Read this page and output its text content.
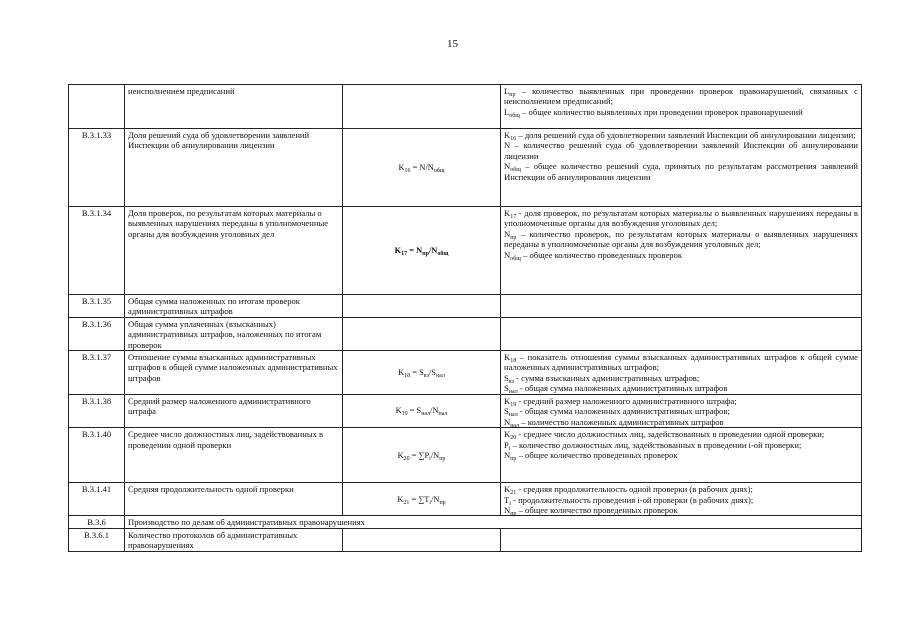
15
	неисполнением предписаний		$L_{пр}$ – количество выявленных при проведении проверок правонарушений, связанных с неисполнением предписаний;
$L_{общ}$ – общее количество выявленных при проведении проверок правонарушений

В.3.1.33	Доля решений суда об удовлетворении заявлений Инспекции об аннулировании лицензии	$K_{16} = N/N_{общ}$	$K_{16}$ – доля решений суда об удовлетворении заявлений Инспекции об аннулировании лицензии;
N – количество решений суда об удовлетворении заявлений Инспекции об аннулировании лицензии
$N_{общ}$ – общее количество решений суда, принятых по результатам рассмотрения заявлений Инспекции об аннулировании лицензии

В.3.1.34	Доля проверок, по результатам которых материалы о выявленных нарушениях переданы в уполномоченные органы для возбуждения уголовных дел	$K_{17} = N_{пр}/N_{общ}$	$K_{17}$ - доля проверок, по результатам которых материалы о выявленных нарушениях переданы в уполномоченные органы для возбуждения уголовных дел;
$N_{пр}$ – количество проверок, по результатам которых материалы о выявленных нарушениях переданы в уполномоченные органы для возбуждения уголовных дел;
$N_{общ}$ – общее количество проведенных проверок

В.3.1.35	Общая сумма наложенных по итогам проверок административных штрафов		
В.3.1.36	Общая сумма уплаченных (взысканных) административных штрафов, наложенных по итогам проверок		
В.3.1.37	Отношение суммы взысканных административных штрафов к общей сумме наложенных административных штрафов	$K_{18} = S_{вз}/S_{нал}$	$K_{18}$ – показатель отношения суммы взысканных административных штрафов к общей сумме наложенных административных штрафов;
$S_{вз}$ - сумма взысканных административных штрафов;
$S_{нал}$ - общая сумма наложенных административных штрафов

В.3.1.38	Средний размер наложенного административного штрафа	$K_{19} = S_{нал}/N_{нал}$	$K_{19}$ - средний размер наложенного административного штрафа;
$S_{нал}$ - общая сумма наложенных административных штрафов;
$N_{нал}$ – количество наложенных административных штрафов

В.3.1.40	Среднее число должностных лиц, задействованных в проведении одной проверки	$K_{20} = \sum P_i/N_{пр}$	$K_{20}$ - среднее число должностных лиц, задействованных в проведении одной проверки;
$P_i$ – количество должностных лиц, задействованных в проведении i-ой проверки;
$N_{пр}$ – общее количество проведенных проверок

В.3.1.41	Средняя продолжительность одной проверки	$K_{21} = \sum T_i/N_{пр}$	$K_{21}$ - средняя продолжительность одной проверки (в рабочих днях);
$T_i$ - продолжительность проведения i-ой проверки (в рабочих днях);
$N_{пр}$ – общее количество проведенных проверок

В.3.6	Производство по делам об административных правонарушениях		
В.3.6.1	Количество протоколов об административных правонарушениях		
